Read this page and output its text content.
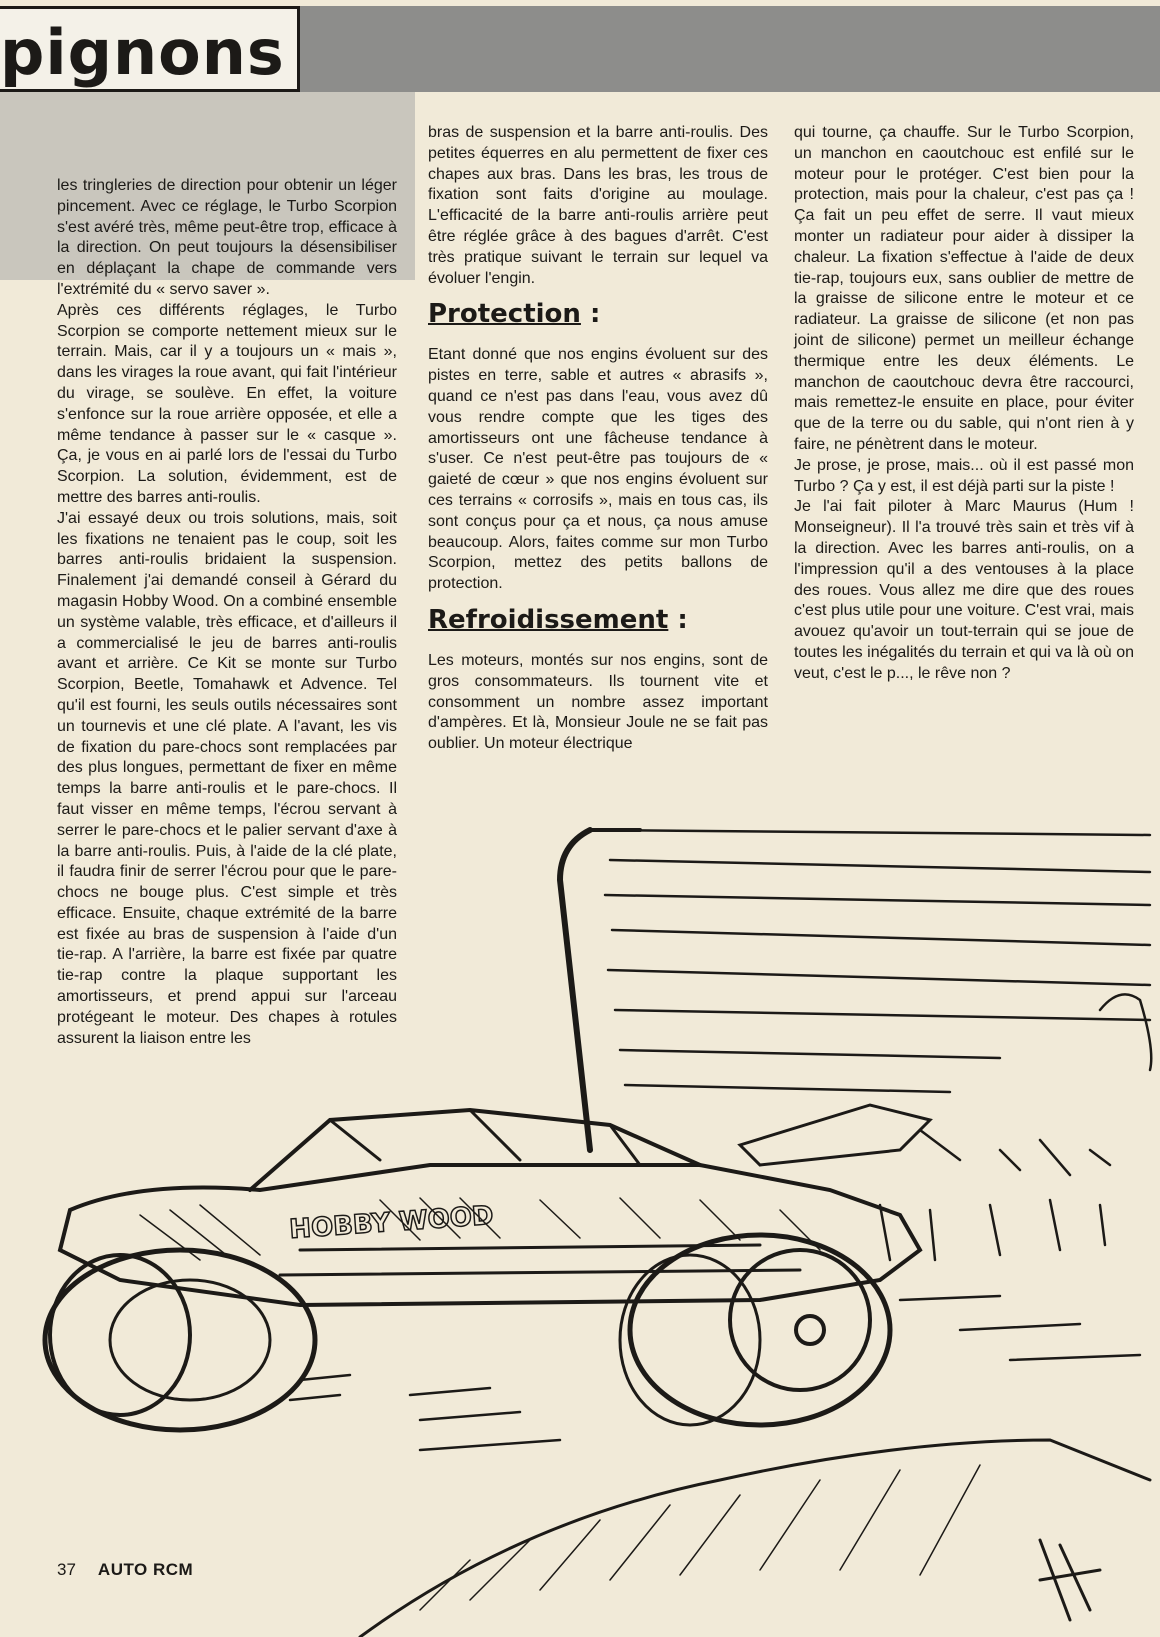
pignons

les tringleries de direction pour obtenir un léger pincement. Avec ce réglage, le Turbo Scorpion s'est avéré très, même peut-être trop, efficace à la direction. On peut toujours la désensibiliser en déplaçant la chape de commande vers l'extrémité du « servo saver ».

Après ces différents réglages, le Turbo Scorpion se comporte nettement mieux sur le terrain. Mais, car il y a toujours un « mais », dans les virages la roue avant, qui fait l'intérieur du virage, se soulève. En effet, la voiture s'enfonce sur la roue arrière opposée, et elle a même tendance à passer sur le « casque ». Ça, je vous en ai parlé lors de l'essai du Turbo Scorpion. La solution, évidemment, est de mettre des barres anti-roulis.

J'ai essayé deux ou trois solutions, mais, soit les fixations ne tenaient pas le coup, soit les barres anti-roulis bridaient la suspension. Finalement j'ai demandé conseil à Gérard du magasin Hobby Wood. On a combiné ensemble un système valable, très efficace, et d'ailleurs il a commercialisé le jeu de barres anti-roulis avant et arrière. Ce Kit se monte sur Turbo Scorpion, Beetle, Tomahawk et Advence. Tel qu'il est fourni, les seuls outils nécessaires sont un tournevis et une clé plate. A l'avant, les vis de fixation du pare-chocs sont remplacées par des plus longues, permettant de fixer en même temps la barre anti-roulis et le pare-chocs. Il faut visser en même temps, l'écrou servant à serrer le pare-chocs et le palier servant d'axe à la barre anti-roulis. Puis, à l'aide de la clé plate, il faudra finir de serrer l'écrou pour que le pare-chocs ne bouge plus. C'est simple et très efficace. Ensuite, chaque extrémité de la barre est fixée au bras de suspension à l'aide d'un tie-rap. A l'arrière, la barre est fixée par quatre tie-rap contre la plaque supportant les amortisseurs, et prend appui sur l'arceau protégeant le moteur. Des chapes à rotules assurent la liaison entre les

bras de suspension et la barre anti-roulis. Des petites équerres en alu permettent de fixer ces chapes aux bras. Dans les bras, les trous de fixation sont faits d'origine au moulage. L'efficacité de la barre anti-roulis arrière peut être réglée grâce à des bagues d'arrêt. C'est très pratique suivant le terrain sur lequel va évoluer l'engin.

Protection :

Etant donné que nos engins évoluent sur des pistes en terre, sable et autres « abrasifs », quand ce n'est pas dans l'eau, vous avez dû vous rendre compte que les tiges des amortisseurs ont une fâcheuse tendance à s'user. Ce n'est peut-être pas toujours de « gaieté de cœur » que nos engins évoluent sur ces terrains « corrosifs », mais en tous cas, ils sont conçus pour ça et nous, ça nous amuse beaucoup. Alors, faites comme sur mon Turbo Scorpion, mettez des petits ballons de protection.

Refroidissement :

Les moteurs, montés sur nos engins, sont de gros consommateurs. Ils tournent vite et consomment un nombre assez important d'ampères. Et là, Monsieur Joule ne se fait pas oublier. Un moteur électrique

qui tourne, ça chauffe. Sur le Turbo Scorpion, un manchon en caoutchouc est enfilé sur le moteur pour le protéger. C'est bien pour la protection, mais pour la chaleur, c'est pas ça ! Ça fait un peu effet de serre. Il vaut mieux monter un radiateur pour aider à dissiper la chaleur. La fixation s'effectue à l'aide de deux tie-rap, toujours eux, sans oublier de mettre de la graisse de silicone entre le moteur et ce radiateur. La graisse de silicone (et non pas joint de silicone) permet un meilleur échange thermique entre les deux éléments. Le manchon de caoutchouc devra être raccourci, mais remettez-le ensuite en place, pour éviter que de la terre ou du sable, qui n'ont rien à y faire, ne pénètrent dans le moteur.

Je prose, je prose, mais... où il est passé mon Turbo ? Ça y est, il est déjà parti sur la piste !

Je l'ai fait piloter à Marc Maurus (Hum ! Monseigneur). Il l'a trouvé très sain et très vif à la direction. Avec les barres anti-roulis, on a l'impression qu'il a des ventouses à la place des roues. Vous allez me dire que des roues c'est plus utile pour une voiture. C'est vrai, mais avouez qu'avoir un tout-terrain qui se joue de toutes les inégalités du terrain et qui va là où on veut, c'est le p..., le rêve non ?

HOBBY WOOD
37 AUTO RCM
